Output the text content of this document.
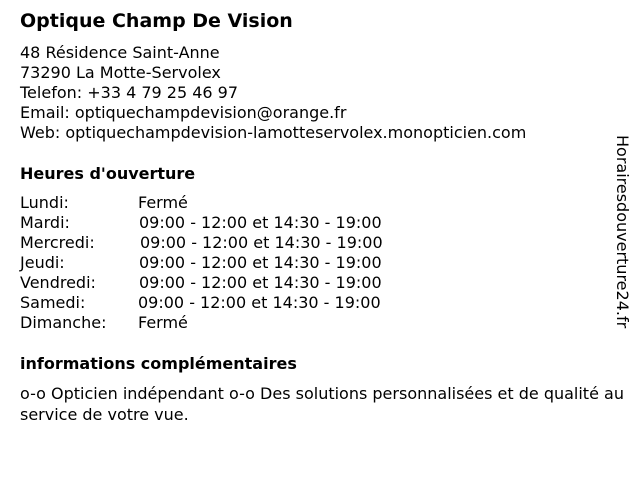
Optique Champ De Vision
48 Résidence Saint-Anne
73290 La Motte-Servolex
Telefon: +33 4 79 25 46 97
Email: optiquechampdevision@orange.fr
Web: optiquechampdevision-lamotteservolex.monopticien.com
Heures d'ouverture
Lundi:	Fermé
Mardi:	09:00 - 12:00 et 14:30 - 19:00
Mercredi:	09:00 - 12:00 et 14:30 - 19:00
Jeudi:	09:00 - 12:00 et 14:30 - 19:00
Vendredi:	09:00 - 12:00 et 14:30 - 19:00
Samedi:	09:00 - 12:00 et 14:30 - 19:00
Dimanche: Fermé
informations complémentaires
o-o Opticien indépendant o-o Des solutions personnalisées et de qualité au service de votre vue.
Horairesdouverture24.fr
